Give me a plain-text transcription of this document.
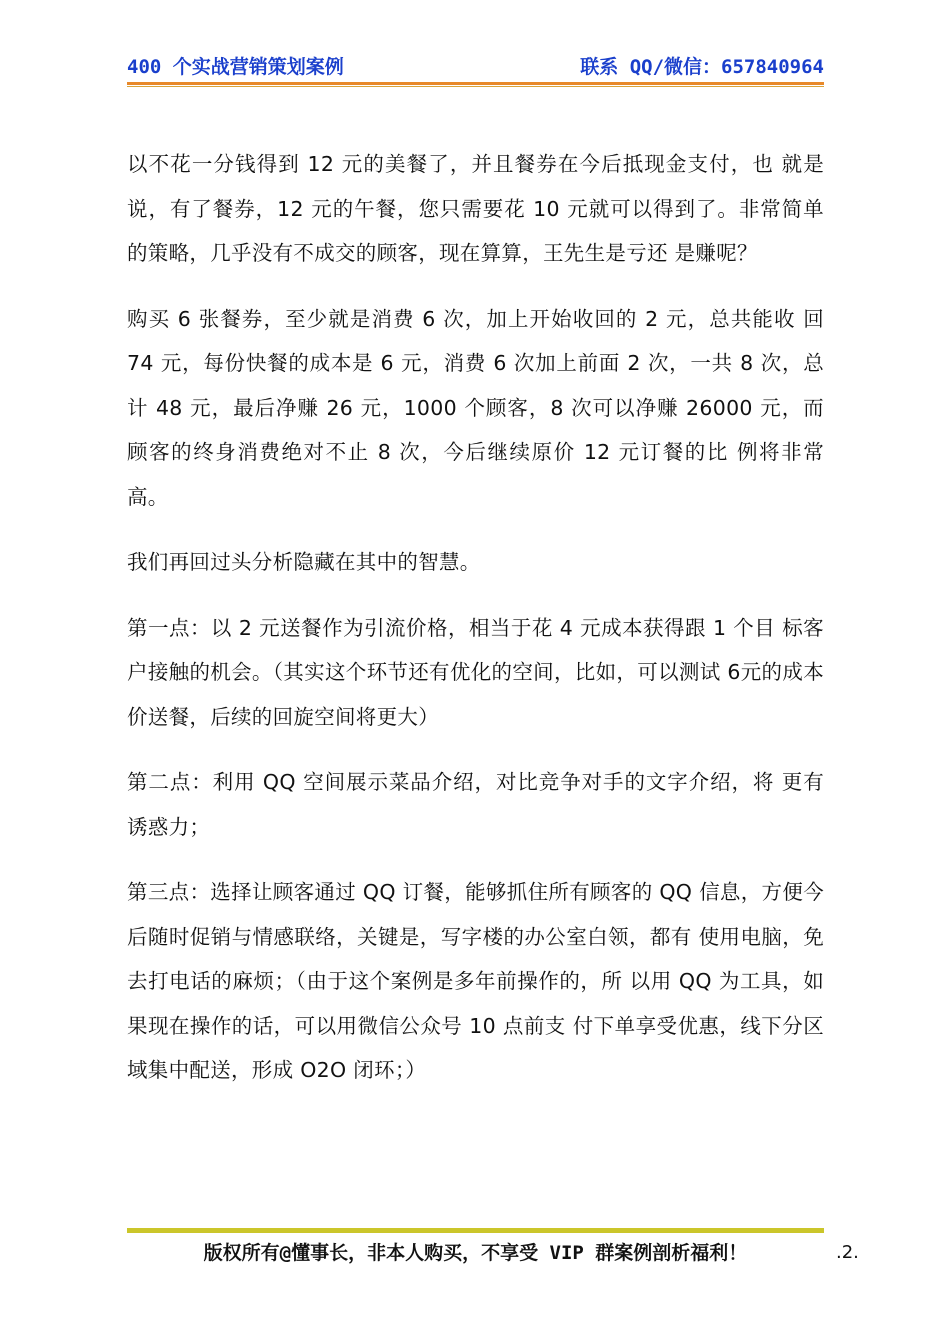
400 个实战营销策划案例	联系 QQ/微信：657840964

以不花一分钱得到 12 元的美餐了，并且餐券在今后抵现金支付，也 就是说，有了餐券，12 元的午餐，您只需要花 10 元就可以得到了。非常简单的策略，几乎没有不成交的顾客，现在算算，王先生是亏还 是赚呢？

购买 6 张餐券，至少就是消费 6 次，加上开始收回的 2 元，总共能收 回 74 元，每份快餐的成本是 6 元，消费 6 次加上前面 2 次，一共 8 次，总计 48 元，最后净赚 26 元，1000 个顾客，8 次可以净赚 26000 元，而顾客的终身消费绝对不止 8 次，今后继续原价 12 元订餐的比 例将非常高。

我们再回过头分析隐藏在其中的智慧。

第一点：以 2 元送餐作为引流价格，相当于花 4 元成本获得跟 1 个目 标客户接触的机会。（其实这个环节还有优化的空间，比如，可以测试 6元的成本价送餐，后续的回旋空间将更大）

第二点：利用 QQ 空间展示菜品介绍，对比竞争对手的文字介绍，将 更有诱惑力；

第三点：选择让顾客通过 QQ 订餐，能够抓住所有顾客的 QQ 信息，方便今后随时促销与情感联络，关键是，写字楼的办公室白领，都有 使用电脑，免去打电话的麻烦；（由于这个案例是多年前操作的，所 以用 QQ 为工具，如果现在操作的话，可以用微信公众号 10 点前支 付下单享受优惠，线下分区域集中配送，形成 O2O 闭环；）

版权所有@懂事长，非本人购买，不享受 VIP 群案例剖析福利！	.2.
